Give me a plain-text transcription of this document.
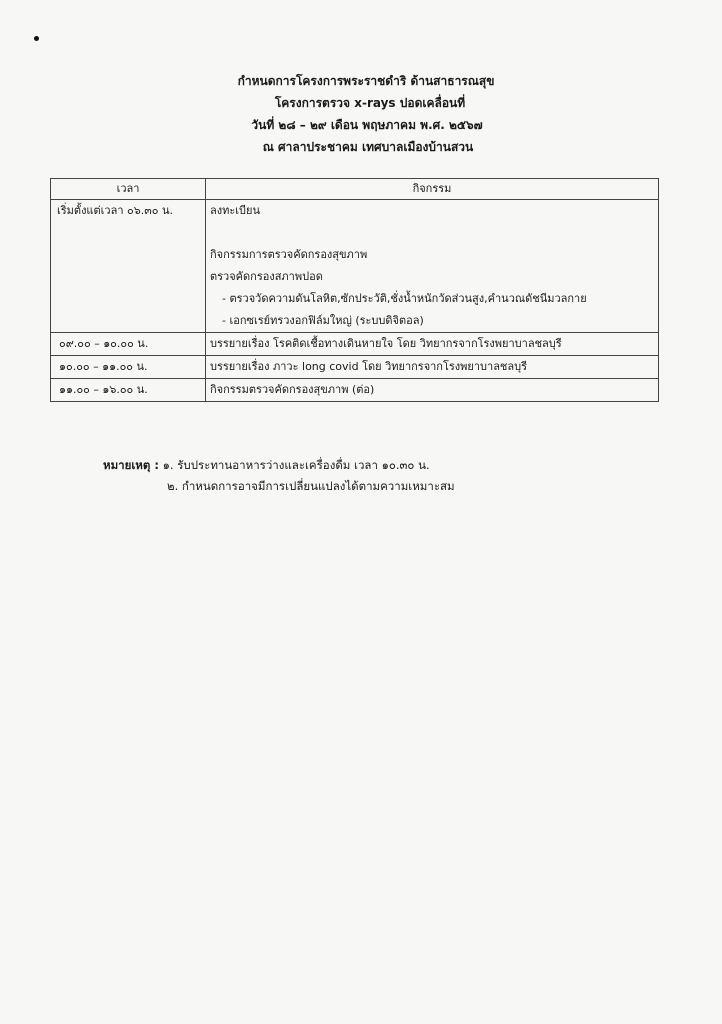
กำหนดการโครงการพระราชดำริ ด้านสาธารณสุข
โครงการตรวจ x-rays ปอดเคลื่อนที่
วันที่ ๒๘ – ๒๙ เดือน พฤษภาคม พ.ศ. ๒๕๖๗
ณ ศาลาประชาคม เทศบาลเมืองบ้านสวน
เวลา	กิจกรรม
เริ่มตั้งแต่เวลา ๐๖.๓๐ น.	ลงทะเบียน
กิจกรรมการตรวจคัดกรองสุขภาพ
ตรวจคัดกรองสภาพปอด
- ตรวจวัดความดันโลหิต,ซักประวัติ,ชั่งน้ำหนักวัดส่วนสูง,คำนวณดัชนีมวลกาย
- เอกซเรย์ทรวงอกฟิล์มใหญ่ (ระบบดิจิตอล)

๐๙.๐๐ – ๑๐.๐๐ น.	บรรยายเรื่อง โรคติดเชื้อทางเดินหายใจ โดย วิทยากรจากโรงพยาบาลชลบุรี
๑๐.๐๐ – ๑๑.๐๐ น.	บรรยายเรื่อง ภาวะ long covid โดย วิทยากรจากโรงพยาบาลชลบุรี
๑๑.๐๐ – ๑๖.๐๐ น.	กิจกรรมตรวจคัดกรองสุขภาพ (ต่อ)
หมายเหตุ : ๑. รับประทานอาหารว่างและเครื่องดื่ม เวลา ๑๐.๓๐ น.
๒. กำหนดการอาจมีการเปลี่ยนแปลงได้ตามความเหมาะสม
